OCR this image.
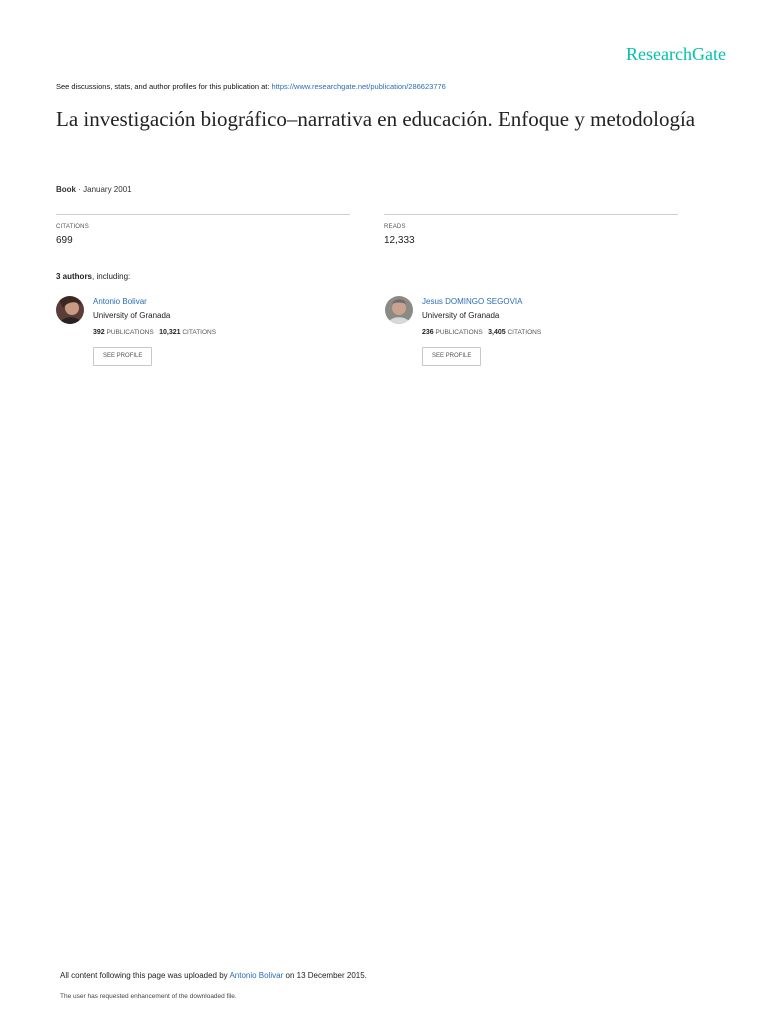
ResearchGate
See discussions, stats, and author profiles for this publication at: https://www.researchgate.net/publication/286623776
La investigación biográfico–narrativa en educación. Enfoque y metodología
Book · January 2001
CITATIONS
699
READS
12,333
3 authors, including:
Antonio Bolivar
University of Granada
392 PUBLICATIONS 10,321 CITATIONS
SEE PROFILE
Jesus DOMINGO SEGOVIA
University of Granada
236 PUBLICATIONS 3,405 CITATIONS
SEE PROFILE
All content following this page was uploaded by Antonio Bolivar on 13 December 2015.
The user has requested enhancement of the downloaded file.
